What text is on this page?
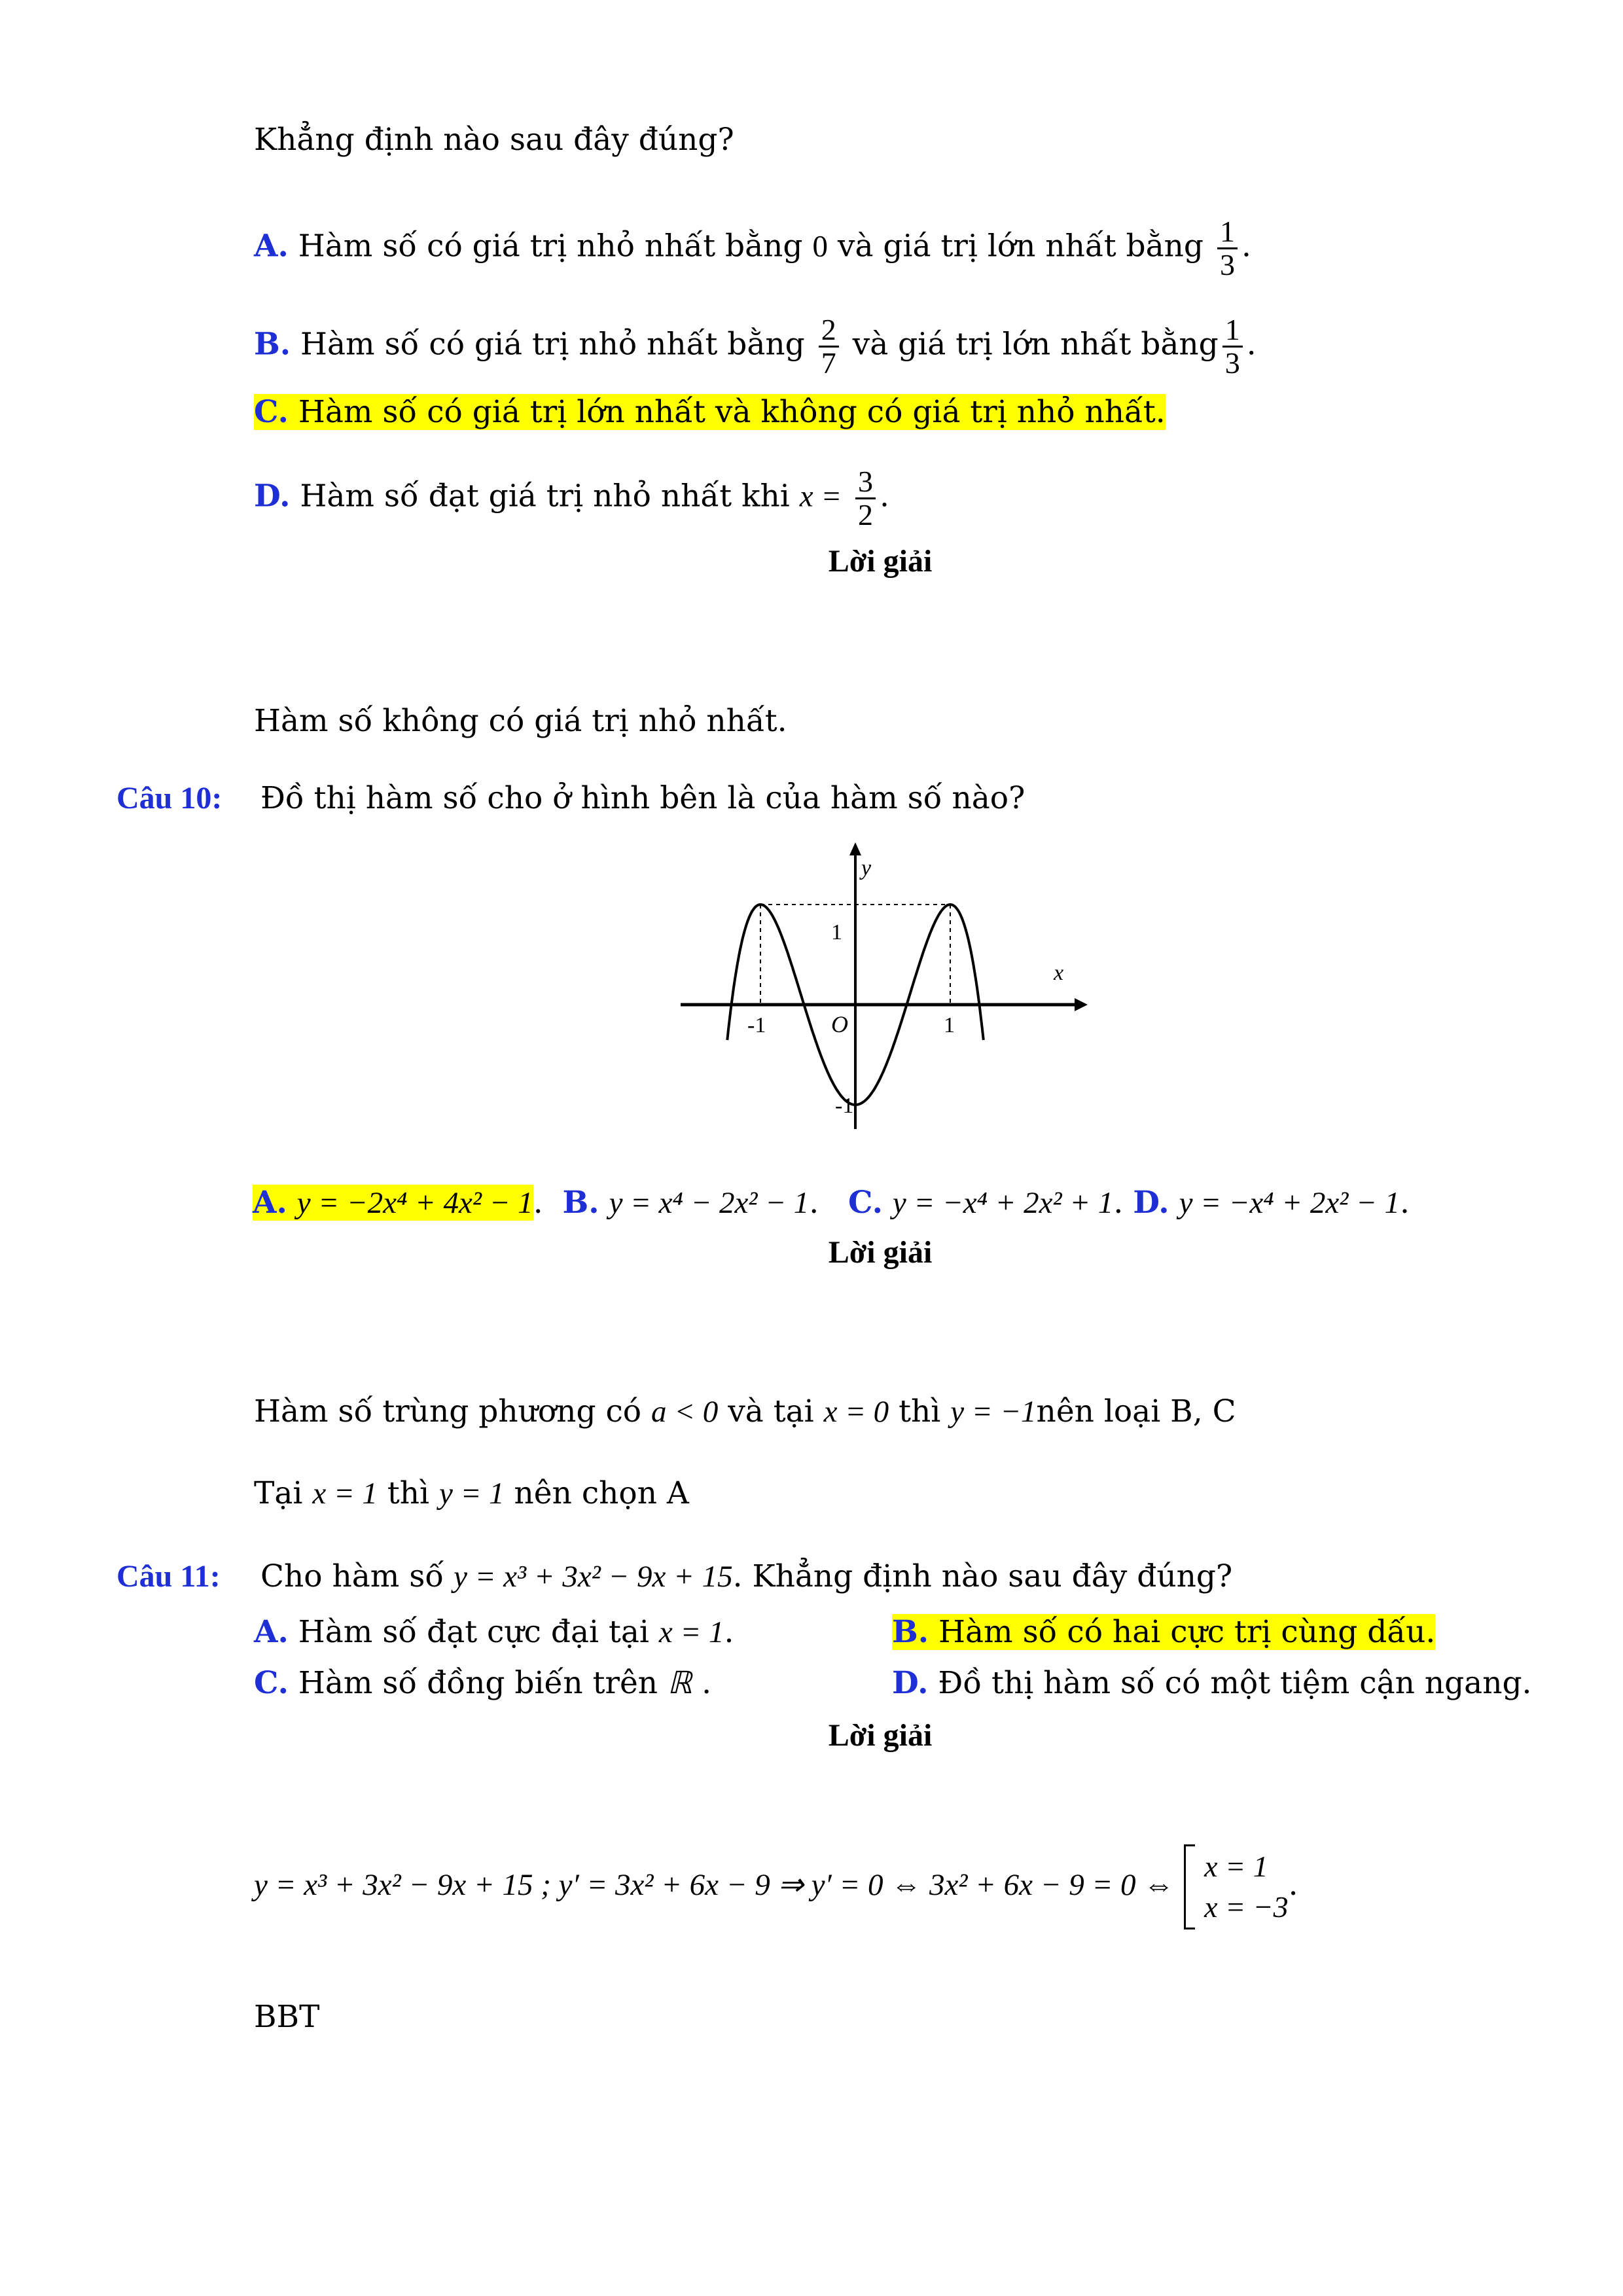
Khẳng định nào sau đây đúng?
A. Hàm số có giá trị nhỏ nhất bằng 0 và giá trị lớn nhất bằng $\frac{1}{3}$ .
B. Hàm số có giá trị nhỏ nhất bằng $\frac{2}{7}$ và giá trị lớn nhất bằng $\frac{1}{3}$ .
C. Hàm số có giá trị lớn nhất và không có giá trị nhỏ nhất.
D. Hàm số đạt giá trị nhỏ nhất khi $x = \frac{3}{2}$ .
Lời giải
Hàm số không có giá trị nhỏ nhất.
Câu 10: Đồ thị hàm số cho ở hình bên là của hàm số nào?
y
x
1
-1	O	1
-1
A. y = −2x⁴ + 4x² − 1.  B. y = x⁴ − 2x² − 1. C. y = −x⁴ + 2x² + 1. D. y = −x⁴ + 2x² − 1.
Lời giải
Hàm số trùng phương có a < 0 và tại x = 0 thì y = −1nên loại B, C
Tại x = 1 thì y = 1 nên chọn A
Câu 11: Cho hàm số y = x³ + 3x² − 9x + 15. Khẳng định nào sau đây đúng?
A. Hàm số đạt cực đại tại x = 1.	B. Hàm số có hai cực trị cùng dấu.
C. Hàm số đồng biến trên ℝ .	D. Đồ thị hàm số có một tiệm cận ngang.
Lời giải
y = x³ + 3x² − 9x + 15 ; y′ = 3x² + 6x − 9 ⇒ y′ = 0 ⇔ 3x² + 6x − 9 = 0 ⇔
x = 1
x = −3
.
BBT
